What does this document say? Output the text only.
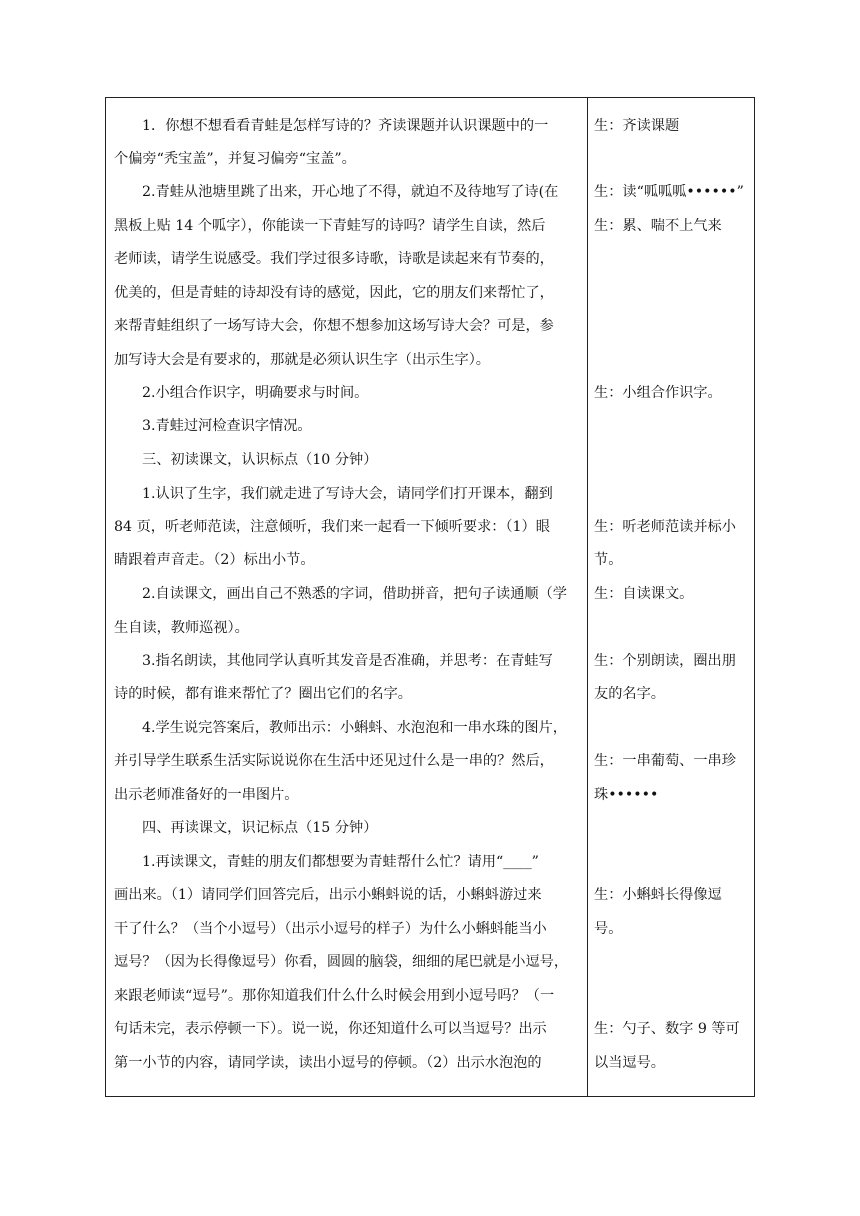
1．你想不想看看青蛙是怎样写诗的？齐读课题并认识课题中的一
个偏旁“秃宝盖”，并复习偏旁“宝盖”。
2.青蛙从池塘里跳了出来，开心地了不得，就迫不及待地写了诗(在
黑板上贴 14 个呱字），你能读一下青蛙写的诗吗？请学生自读，然后
老师读，请学生说感受。我们学过很多诗歌，诗歌是读起来有节奏的，
优美的，但是青蛙的诗却没有诗的感觉，因此，它的朋友们来帮忙了，
来帮青蛙组织了一场写诗大会，你想不想参加这场写诗大会？可是，参
加写诗大会是有要求的，那就是必须认识生字（出示生字）。
2.小组合作识字，明确要求与时间。
3.青蛙过河检查识字情况。
三、初读课文，认识标点（10 分钟）
1.认识了生字，我们就走进了写诗大会，请同学们打开课本，翻到
84 页，听老师范读，注意倾听，我们来一起看一下倾听要求：（1）眼
睛跟着声音走。（2）标出小节。
2.自读课文，画出自己不熟悉的字词，借助拼音，把句子读通顺（学
生自读，教师巡视）。
3.指名朗读，其他同学认真听其发音是否准确，并思考：在青蛙写
诗的时候，都有谁来帮忙了？圈出它们的名字。
4.学生说完答案后，教师出示：小蝌蚪、水泡泡和一串水珠的图片，
并引导学生联系生活实际说说你在生活中还见过什么是一串的？然后，
出示老师准备好的一串图片。
四、再读课文，识记标点（15 分钟）
1.再读课文，青蛙的朋友们都想要为青蛙帮什么忙？请用“____”
画出来。（1）请同学们回答完后，出示小蝌蚪说的话，小蝌蚪游过来
干了什么？（当个小逗号）（出示小逗号的样子）为什么小蝌蚪能当小
逗号？（因为长得像逗号）你看，圆圆的脑袋，细细的尾巴就是小逗号，
来跟老师读“逗号”。那你知道我们什么什么时候会用到小逗号吗？（一
句话未完，表示停顿一下）。说一说，你还知道什么可以当逗号？出示
第一小节的内容，请同学读，读出小逗号的停顿。（2）出示水泡泡的
生：齐读课题
生：读“呱呱呱••••••”
生：累、喘不上气来
生：小组合作识字。
生：听老师范读并标小
节。
生：自读课文。
生：个别朗读，圈出朋
友的名字。
生：一串葡萄、一串珍
珠••••••
生：小蝌蚪长得像逗
号。
生：勺子、数字 9 等可
以当逗号。
